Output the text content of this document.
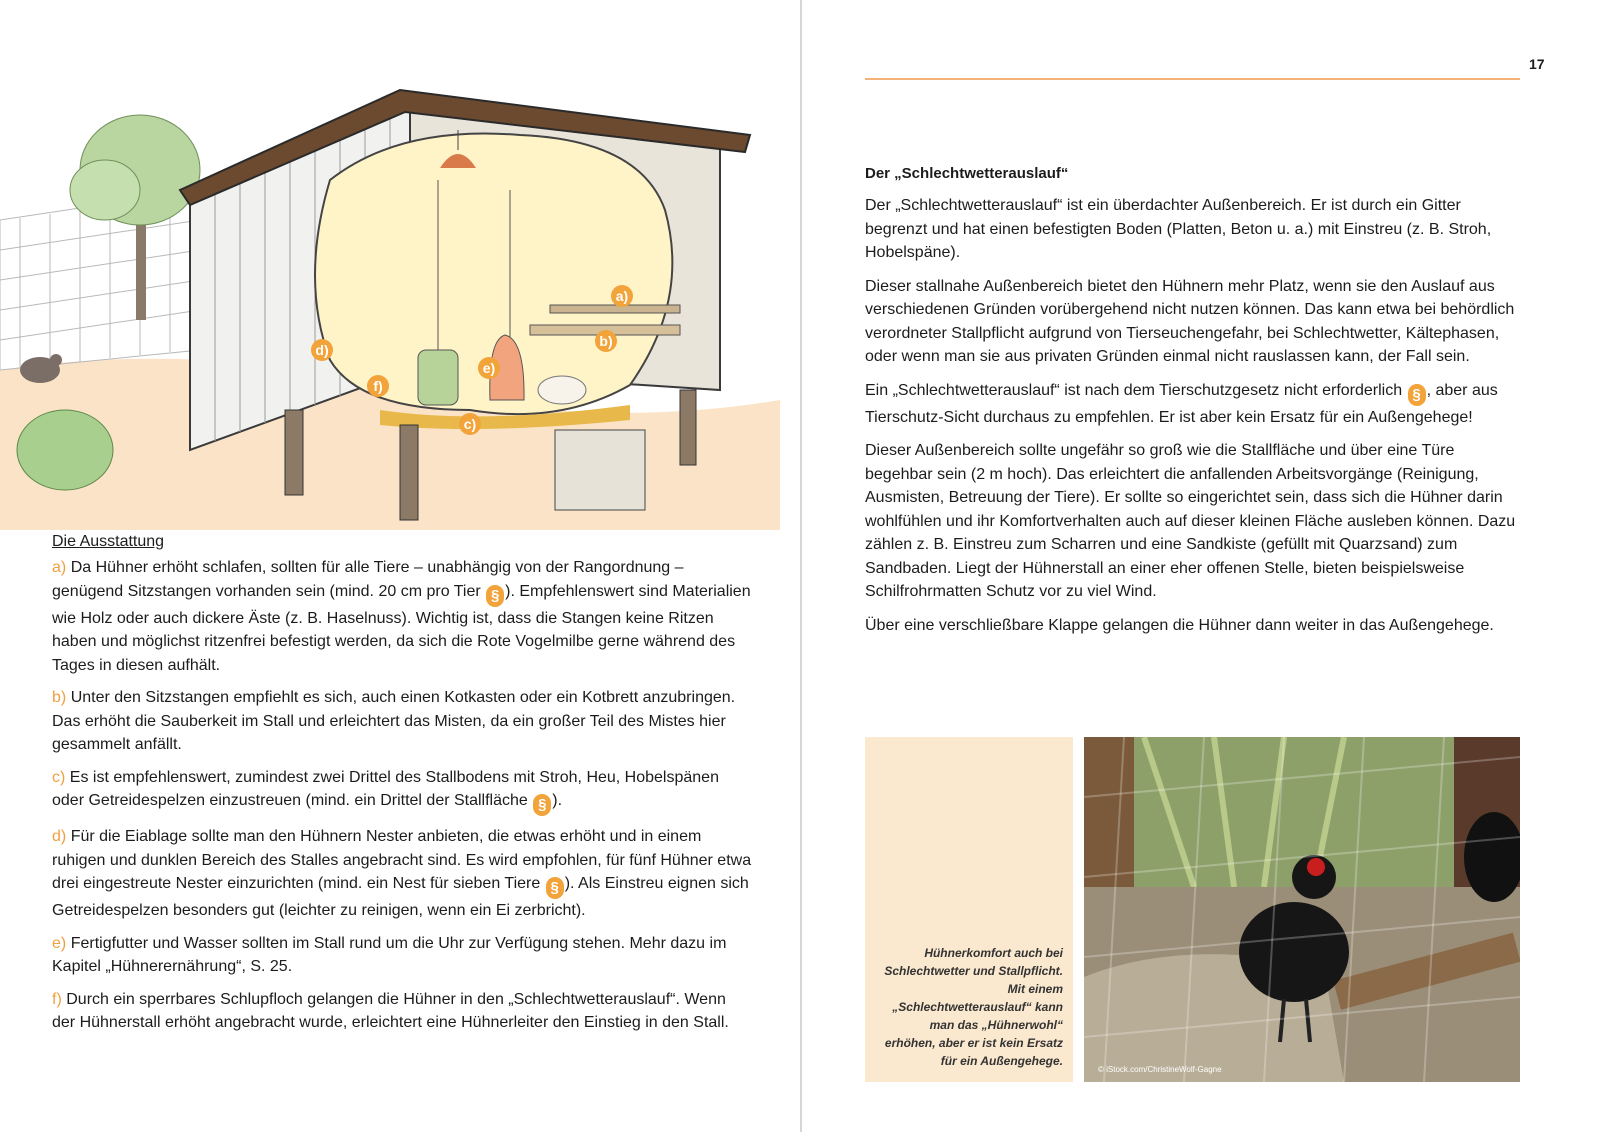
a)
b)
c)
d)
e)
f)
Die Ausstattung

a) Da Hühner erhöht schlafen, sollten für alle Tiere – unabhängig von der Rangordnung – genügend Sitzstangen vorhanden sein (mind. 20 cm pro Tier § ). Empfehlenswert sind Materialien wie Holz oder auch dickere Äste (z. B. Haselnuss). Wichtig ist, dass die Stangen keine Ritzen haben und möglichst ritzenfrei befestigt werden, da sich die Rote Vogelmilbe gerne während des Tages in diesen aufhält.

b) Unter den Sitzstangen empfiehlt es sich, auch einen Kotkasten oder ein Kotbrett anzubringen. Das erhöht die Sauberkeit im Stall und erleichtert das Misten, da ein großer Teil des Mistes hier gesammelt anfällt.

c) Es ist empfehlenswert, zumindest zwei Drittel des Stallbodens mit Stroh, Heu, Hobelspänen oder Getreidespelzen einzustreuen (mind. ein Drittel der Stallfläche § ).

d) Für die Eiablage sollte man den Hühnern Nester anbieten, die etwas erhöht und in einem ruhigen und dunklen Bereich des Stalles angebracht sind. Es wird empfohlen, für fünf Hühner etwa drei eingestreute Nester einzurichten (mind. ein Nest für sieben Tiere § ). Als Einstreu eignen sich Getreidespelzen besonders gut (leichter zu reinigen, wenn ein Ei zerbricht).

e) Fertigfutter und Wasser sollten im Stall rund um die Uhr zur Verfügung stehen. Mehr dazu im Kapitel „Hühnerernährung“, S. 25.

f) Durch ein sperrbares Schlupfloch gelangen die Hühner in den „Schlechtwetterauslauf“. Wenn der Hühnerstall erhöht angebracht wurde, erleichtert eine Hühnerleiter den Einstieg in den Stall.

17
Der „Schlechtwetterauslauf“

Der „Schlechtwetterauslauf“ ist ein überdachter Außenbereich. Er ist durch ein Gitter begrenzt und hat einen befestigten Boden (Platten, Beton u. a.) mit Einstreu (z. B. Stroh, Hobelspäne).

Dieser stallnahe Außenbereich bietet den Hühnern mehr Platz, wenn sie den Auslauf aus verschiedenen Gründen vorübergehend nicht nutzen können. Das kann etwa bei behördlich verordneter Stallpflicht aufgrund von Tierseuchengefahr, bei Schlechtwetter, Kältephasen, oder wenn man sie aus privaten Gründen einmal nicht rauslassen kann, der Fall sein.

Ein „Schlechtwetterauslauf“ ist nach dem Tierschutzgesetz nicht erforderlich § , aber aus Tierschutz-Sicht durchaus zu empfehlen. Er ist aber kein Ersatz für ein Außengehege!

Dieser Außenbereich sollte ungefähr so groß wie die Stallfläche und über eine Türe begehbar sein (2 m hoch). Das erleichtert die anfallenden Arbeitsvorgänge (Reinigung, Ausmisten, Betreuung der Tiere). Er sollte so eingerichtet sein, dass sich die Hühner darin wohlfühlen und ihr Komfortverhalten auch auf dieser kleinen Fläche ausleben können. Dazu zählen z. B. Einstreu zum Scharren und eine Sandkiste (gefüllt mit Quarzsand) zum Sandbaden. Liegt der Hühnerstall an einer eher offenen Stelle, bieten beispielsweise Schilfrohrmatten Schutz vor zu viel Wind.

Über eine verschließbare Klappe gelangen die Hühner dann weiter in das Außengehege.

Hühnerkomfort auch bei Schlechtwetter und Stallpflicht. Mit einem „Schlechtwetterauslauf“ kann man das „Hühnerwohl“ erhöhen, aber er ist kein Ersatz für ein Außengehege.
© iStock.com/ChristineWolf-Gagne
